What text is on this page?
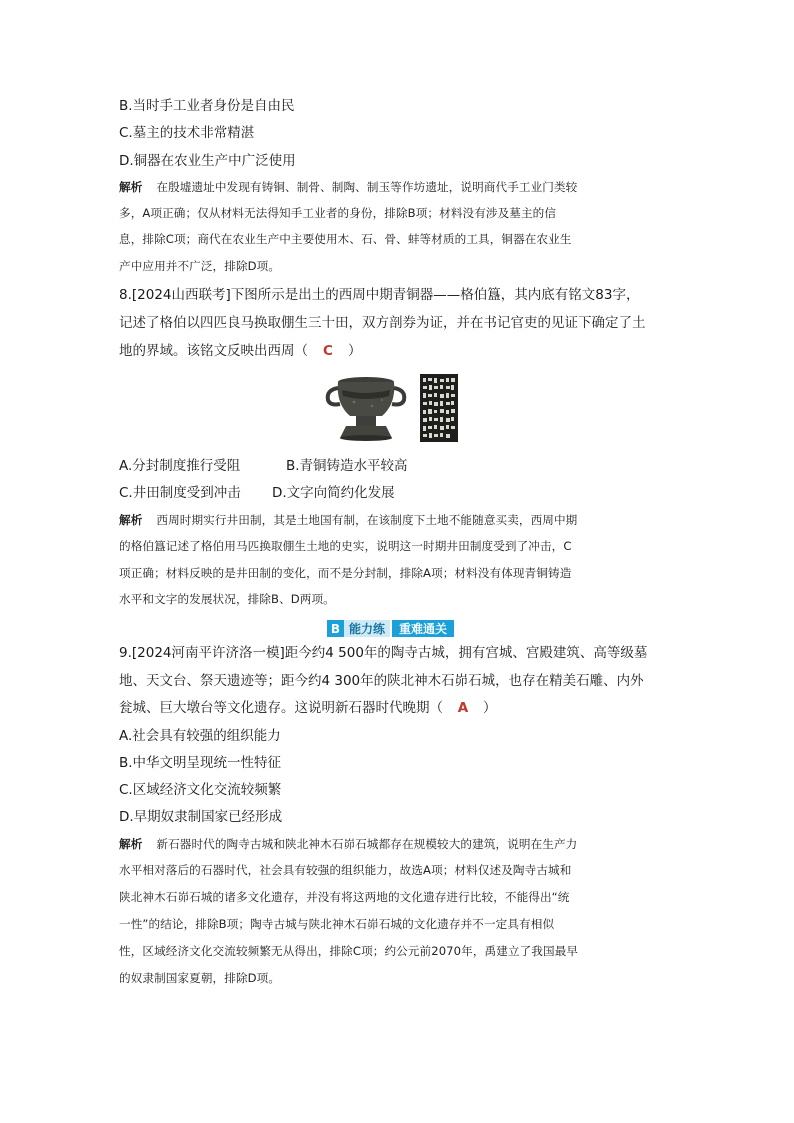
B.当时手工业者身份是自由民
C.墓主的技术非常精湛
D.铜器在农业生产中广泛使用
解析 在殷墟遗址中发现有铸铜、制骨、制陶、制玉等作坊遗址，说明商代手工业门类较
多，A项正确；仅从材料无法得知手工业者的身份，排除B项；材料没有涉及墓主的信
息，排除C项；商代在农业生产中主要使用木、石、骨、蚌等材质的工具，铜器在农业生
产中应用并不广泛，排除D项。
8.[2024山西联考]下图所示是出土的西周中期青铜器——格伯簋，其内底有铭文83字，
记述了格伯以四匹良马换取倗生三十田，双方剖券为证，并在书记官吏的见证下确定了土
地的界域。该铭文反映出西周（ C ）
A.分封制度推行受阻	B.青铜铸造水平较高
C.井田制度受到冲击 D.文字向简约化发展
解析 西周时期实行井田制，其是土地国有制，在该制度下土地不能随意买卖，西周中期
的格伯簋记述了格伯用马匹换取倗生土地的史实，说明这一时期井田制度受到了冲击，C
项正确；材料反映的是井田制的变化，而不是分封制，排除A项；材料没有体现青铜铸造
水平和文字的发展状况，排除B、D两项。
B 能力练	重难通关
9.[2024河南平许济洛一模]距今约4 500年的陶寺古城，拥有宫城、宫殿建筑、高等级墓
地、天文台、祭天遗迹等；距今约4 300年的陕北神木石峁石城，也存在精美石雕、内外
瓮城、巨大墩台等文化遗存。这说明新石器时代晚期（ A ）
A.社会具有较强的组织能力
B.中华文明呈现统一性特征
C.区域经济文化交流较频繁
D.早期奴隶制国家已经形成
解析 新石器时代的陶寺古城和陕北神木石峁石城都存在规模较大的建筑，说明在生产力
水平相对落后的石器时代，社会具有较强的组织能力，故选A项；材料仅述及陶寺古城和
陕北神木石峁石城的诸多文化遗存，并没有将这两地的文化遗存进行比较，不能得出“统
一性”的结论，排除B项；陶寺古城与陕北神木石峁石城的文化遗存并不一定具有相似
性，区域经济文化交流较频繁无从得出，排除C项；约公元前2070年，禹建立了我国最早
的奴隶制国家夏朝，排除D项。
